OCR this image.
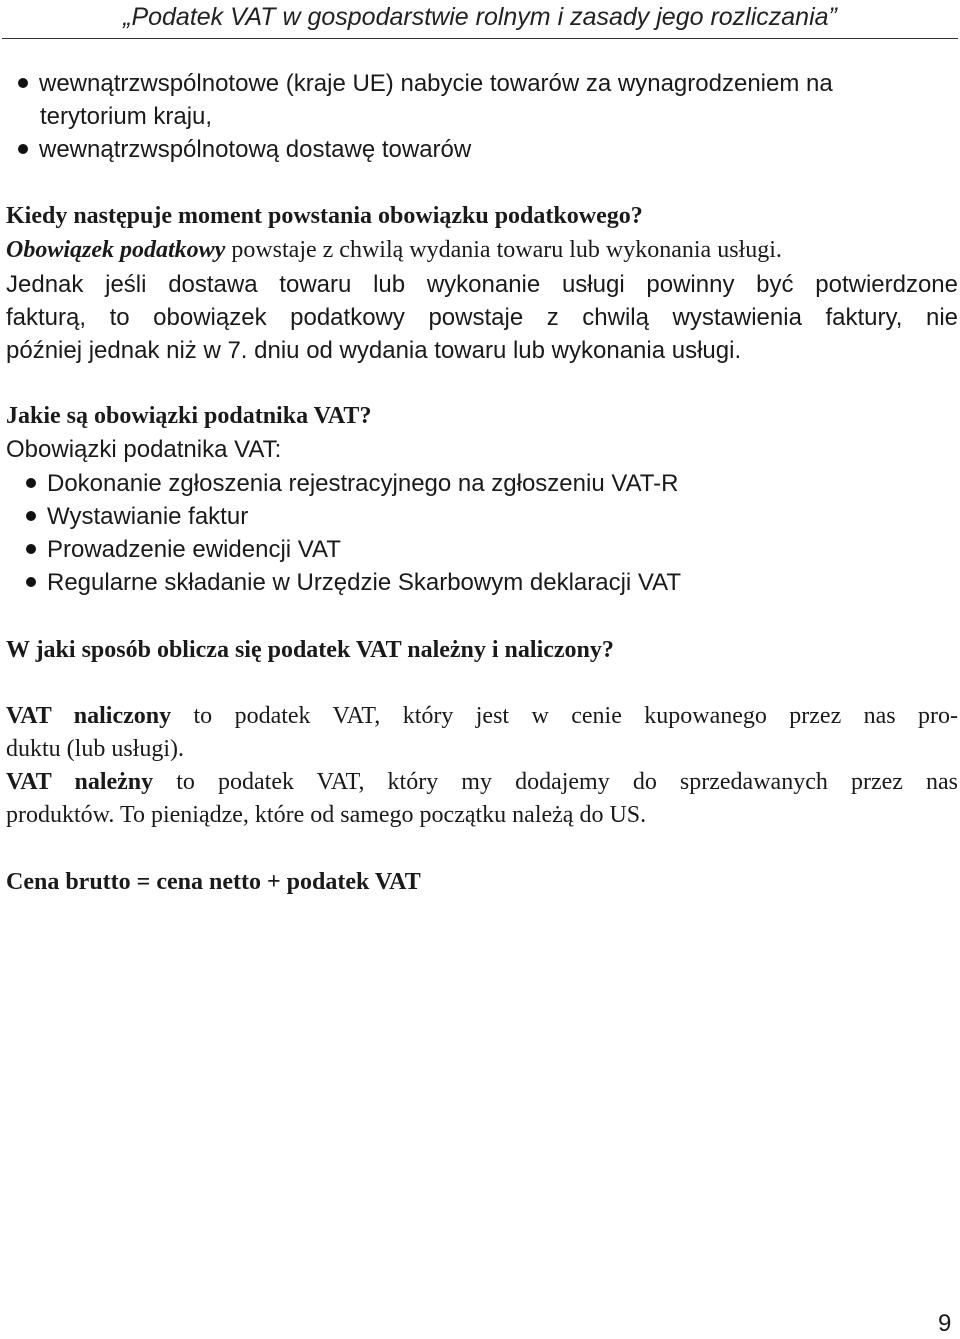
„Podatek VAT w gospodarstwie rolnym i zasady jego rozliczania”
wewnątrzwspólnotowe (kraje UE) nabycie towarów za wynagrodzeniem na
terytorium kraju,
wewnątrzwspólnotową dostawę towarów
Kiedy następuje moment powstania obowiązku podatkowego?
Obowiązek podatkowy powstaje z chwilą wydania towaru lub wykonania usługi.
Jednak jeśli dostawa towaru lub wykonanie usługi powinny być potwierdzone
fakturą, to obowiązek podatkowy powstaje z chwilą wystawienia faktury, nie
później jednak niż w 7. dniu od wydania towaru lub wykonania usługi.
Jakie są obowiązki podatnika VAT?
Obowiązki podatnika VAT:
Dokonanie zgłoszenia rejestracyjnego na zgłoszeniu VAT-R
Wystawianie faktur
Prowadzenie ewidencji VAT
Regularne składanie w Urzędzie Skarbowym deklaracji VAT
W jaki sposób oblicza się podatek VAT należny i naliczony?
VAT naliczony to podatek VAT, który jest w cenie kupowanego przez nas pro-
duktu (lub usługi).
VAT należny to podatek VAT, który my dodajemy do sprzedawanych przez nas
produktów. To pieniądze, które od samego początku należą do US.
Cena brutto = cena netto + podatek VAT
9
